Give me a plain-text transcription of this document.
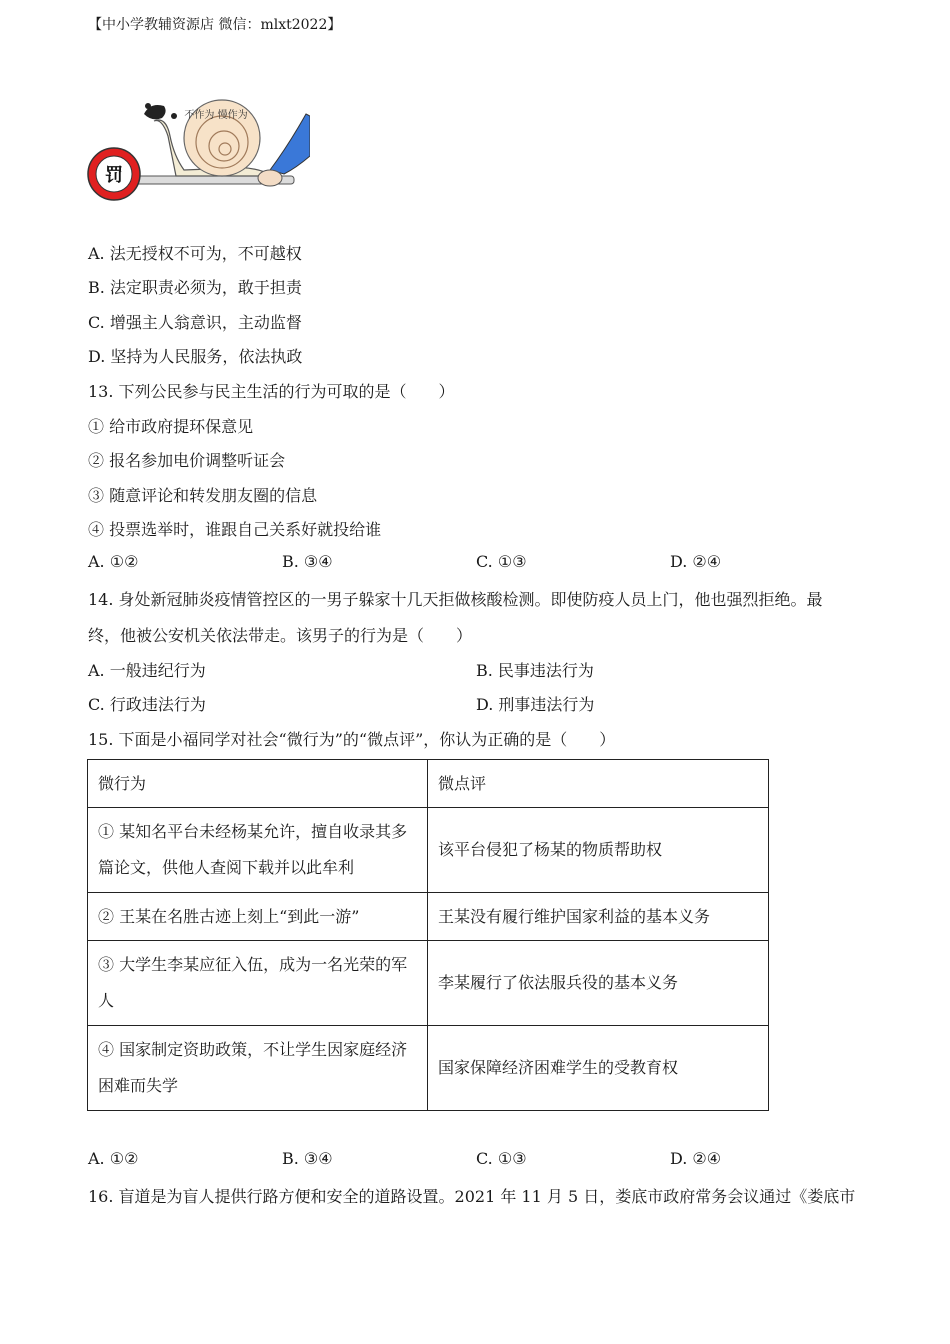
【中小学教辅资源店 微信：mlxt2022】
罚
不作为 慢作为
A. 法无授权不可为，不可越权
B. 法定职责必须为，敢于担责
C. 增强主人翁意识，主动监督
D. 坚持为人民服务，依法执政
13. 下列公民参与民主生活的行为可取的是（　　）
① 给市政府提环保意见
② 报名参加电价调整听证会
③ 随意评论和转发朋友圈的信息
④ 投票选举时，谁跟自己关系好就投给谁
A. ①②	B. ③④	C. ①③	D. ②④
14. 身处新冠肺炎疫情管控区的一男子躲家十几天拒做核酸检测。即使防疫人员上门，他也强烈拒绝。最
终，他被公安机关依法带走。该男子的行为是（　　）
A. 一般违纪行为	B. 民事违法行为
C. 行政违法行为	D. 刑事违法行为
15. 下面是小福同学对社会“微行为”的“微点评”，你认为正确的是（　　）
微行为	微点评

① 某知名平台未经杨某允许，擅自收录其多
篇论文，供他人查阅下载并以此牟利	该平台侵犯了杨某的物质帮助权

② 王某在名胜古迹上刻上“到此一游”	王某没有履行维护国家利益的基本义务

③ 大学生李某应征入伍，成为一名光荣的军
人	李某履行了依法服兵役的基本义务

④ 国家制定资助政策，不让学生因家庭经济
困难而失学	国家保障经济困难学生的受教育权
A. ①②	B. ③④	C. ①③	D. ②④
16. 盲道是为盲人提供行路方便和安全的道路设置。2021 年 11 月 5 日，娄底市政府常务会议通过《娄底市
